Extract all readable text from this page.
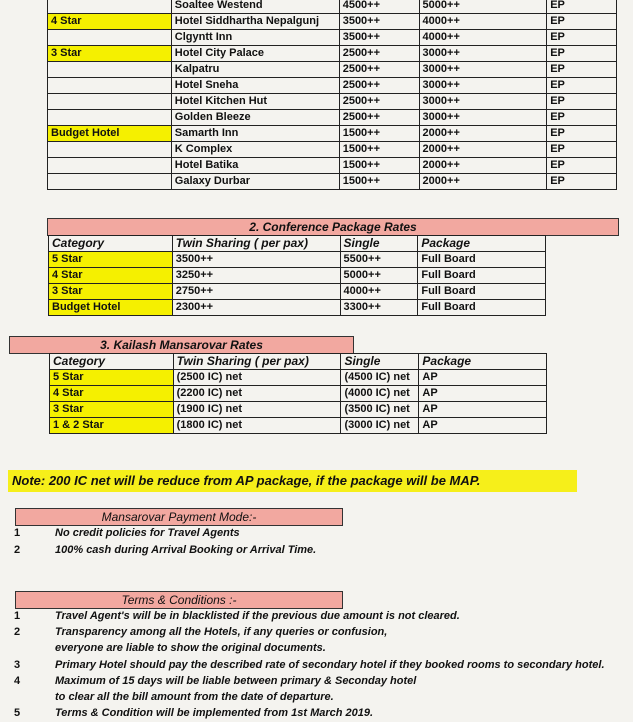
	Soaltee Westend	4500++	5000++	EP
4 Star	Hotel Siddhartha Nepalgunj	3500++	4000++	EP
	Clgyntt Inn	3500++	4000++	EP
3 Star	Hotel City Palace	2500++	3000++	EP
	Kalpatru	2500++	3000++	EP
	Hotel Sneha	2500++	3000++	EP
	Hotel Kitchen Hut	2500++	3000++	EP
	Golden Bleeze	2500++	3000++	EP
Budget Hotel	Samarth Inn	1500++	2000++	EP
	K Complex	1500++	2000++	EP
	Hotel Batika	1500++	2000++	EP
	Galaxy Durbar	1500++	2000++	EP
2. Conference Package Rates
Category	Twin Sharing ( per pax)	Single	Package
5 Star	3500++	5500++	Full Board
4 Star	3250++	5000++	Full Board
3 Star	2750++	4000++	Full Board
Budget Hotel	2300++	3300++	Full Board
3. Kailash Mansarovar Rates
Category	Twin Sharing ( per pax)	Single	Package
5 Star	(2500 IC) net	(4500 IC) net	AP
4 Star	(2200 IC) net	(4000 IC) net	AP
3 Star	(1900 IC) net	(3500 IC) net	AP
1 & 2 Star	(1800 IC) net	(3000 IC) net	AP
Note: 200 IC net will be reduce from AP package, if the package will be MAP.
Mansarovar Payment Mode:-
1	No credit policies for Travel Agents
2	100% cash during Arrival Booking or Arrival Time.
Terms & Conditions :-
1	Travel Agent's will be in blacklisted if the previous due amount is not cleared.
2	Transparency among all the Hotels, if any queries or confusion,
everyone are liable to show the original documents.
3	Primary Hotel should pay the described rate of secondary hotel if they booked rooms to secondary hotel.
4	Maximum of 15 days will be liable between primary & Seconday hotel
to clear all the bill amount from the date of departure.
5	Terms & Condition will be implemented from 1st March 2019.
